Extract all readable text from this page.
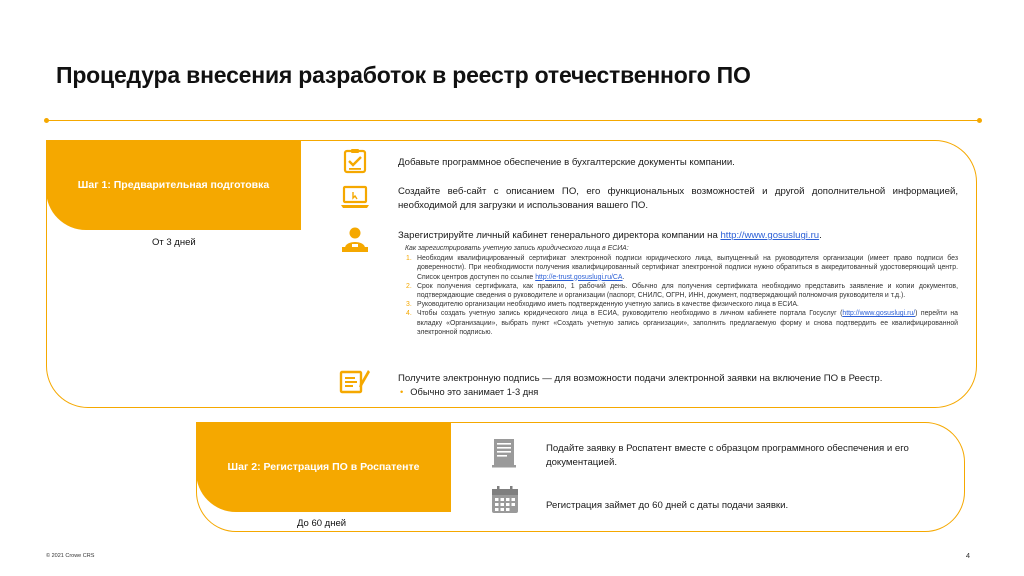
Процедура внесения разработок в реестр отечественного ПО
Шаг 1: Предварительная подготовка
От 3 дней
Шаг 2: Регистрация ПО в Роспатенте
До 60 дней
Добавьте программное обеспечение в бухгалтерские документы компании.
Создайте веб-сайт с описанием ПО, его функциональных возможностей и другой дополнительной информацией, необходимой для загрузки и использования вашего ПО.
Зарегистрируйте личный кабинет генерального директора компании на http://www.gosuslugi.ru.
Как зарегистрировать учетную запись юридического лица в ЕСИА:
1. Необходим квалифицированный сертификат электронной подписи юридического лица, выпущенный на руководителя организации (имеет право подписи без доверенности). При необходимости получения квалифицированный сертификат электронной подписи нужно обратиться в аккредитованный удостоверяющий центр. Список центров доступен по ссылке http://e-trust.gosuslugi.ru/CA.
2. Срок получения сертификата, как правило, 1 рабочий день. Обычно для получения сертификата необходимо представить заявление и копии документов, подтверждающие сведения о руководителе и организации (паспорт, СНИЛС, ОГРН, ИНН, документ, подтверждающий полномочия руководителя и т.д.).
3. Руководителю организации необходимо иметь подтвержденную учетную запись в качестве физического лица в ЕСИА.
4. Чтобы создать учетную запись юридического лица в ЕСИА, руководителю необходимо в личном кабинете портала Госуслуг (http://www.gosuslugi.ru/) перейти на вкладку «Организации», выбрать пункт «Создать учетную запись организации», заполнить предлагаемую форму и снова подтвердить ее квалифицированной электронной подписью.
Получите электронную подпись — для возможности подачи электронной заявки на включение ПО в Реестр.
• Обычно это занимает 1-3 дня
Подайте заявку в Роспатент вместе с образцом программного обеспечения и его документацией.
Регистрация займет до 60 дней с даты подачи заявки.
© 2021 Crowe CRS	4
